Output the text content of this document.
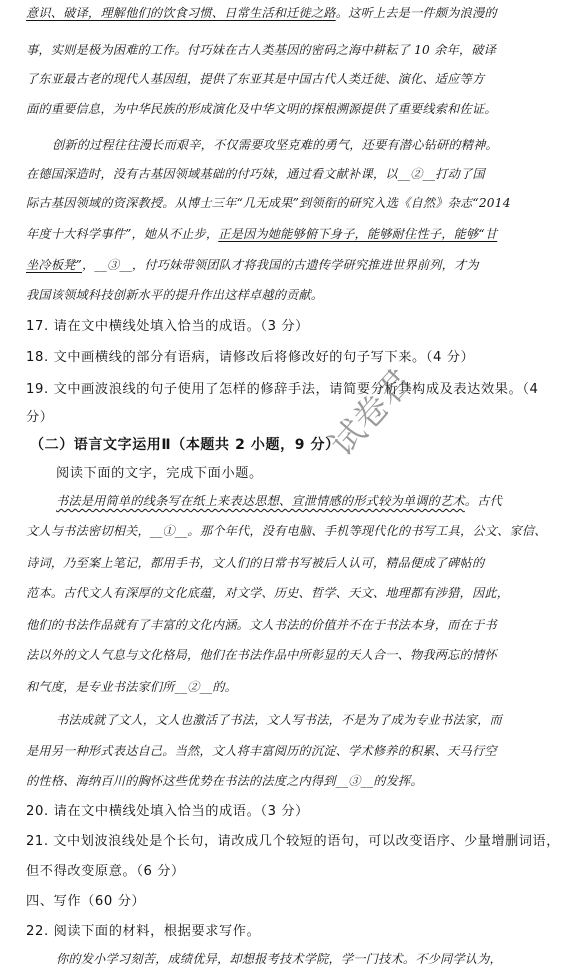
意识、破译，理解他们的饮食习惯、日常生活和迁徙之路。这听上去是一件颇为浪漫的
事，实则是极为困难的工作。付巧妹在古人类基因的密码之海中耕耘了 10 余年，破译
了东亚最古老的现代人基因组，提供了东亚其是中国古代人类迁徙、演化、适应等方
面的重要信息，为中华民族的形成演化及中华文明的探根溯源提供了重要线索和佐证。
创新的过程往往漫长而艰辛，不仅需要攻坚克难的勇气，还要有潜心钻研的精神。
在德国深造时，没有古基因领域基础的付巧妹，通过看文献补课，以__②__打动了国
际古基因领域的资深教授。从博士三年“几无成果”到领衔的研究入选《自然》杂志“2014
年度十大科学事件”，她从不止步，正是因为她能够俯下身子，能够耐住性子，能够“甘
坐冷板凳”，__③__，付巧妹带领团队才将我国的古遗传学研究推进世界前列，才为
我国该领域科技创新水平的提升作出这样卓越的贡献。
17. 请在文中横线处填入恰当的成语。（3 分）
18. 文中画横线的部分有语病，请修改后将修改好的句子写下来。（4 分）
19. 文中画波浪线的句子使用了怎样的修辞手法，请简要分析其构成及表达效果。（4
分）
（二）语言文字运用Ⅱ（本题共 2 小题，9 分）
阅读下面的文字，完成下面小题。
书法是用简单的线条写在纸上来表达思想、宣泄情感的形式较为单调的艺术。古代
文人与书法密切相关，__①__。那个年代，没有电脑、手机等现代化的书写工具，公文、家信、
诗词，乃至案上笔记，都用手书，文人们的日常书写被后人认可，精品便成了碑帖的
范本。古代文人有深厚的文化底蕴，对文学、历史、哲学、天文、地理都有涉猎，因此，
他们的书法作品就有了丰富的文化内涵。文人书法的价值并不在于书法本身，而在于书
法以外的文人气息与文化格局，他们在书法作品中所彰显的天人合一、物我两忘的情怀
和气度，是专业书法家们所__②__的。
书法成就了文人，文人也激活了书法，文人写书法，不是为了成为专业书法家，而
是用另一种形式表达自己。当然，文人将丰富阅历的沉淀、学术修养的积累、天马行空
的性格、海纳百川的胸怀这些优势在书法的法度之内得到__③__的发挥。
20. 请在文中横线处填入恰当的成语。（3 分）
21. 文中划波浪线处是个长句，请改成几个较短的语句，可以改变语序、少量增删词语，
但不得改变原意。（6 分）
四、写作（60 分）
22. 阅读下面的材料，根据要求写作。
你的发小学习刻苦，成绩优异，却想报考技术学院，学一门技术。不少同学认为，
试卷君
